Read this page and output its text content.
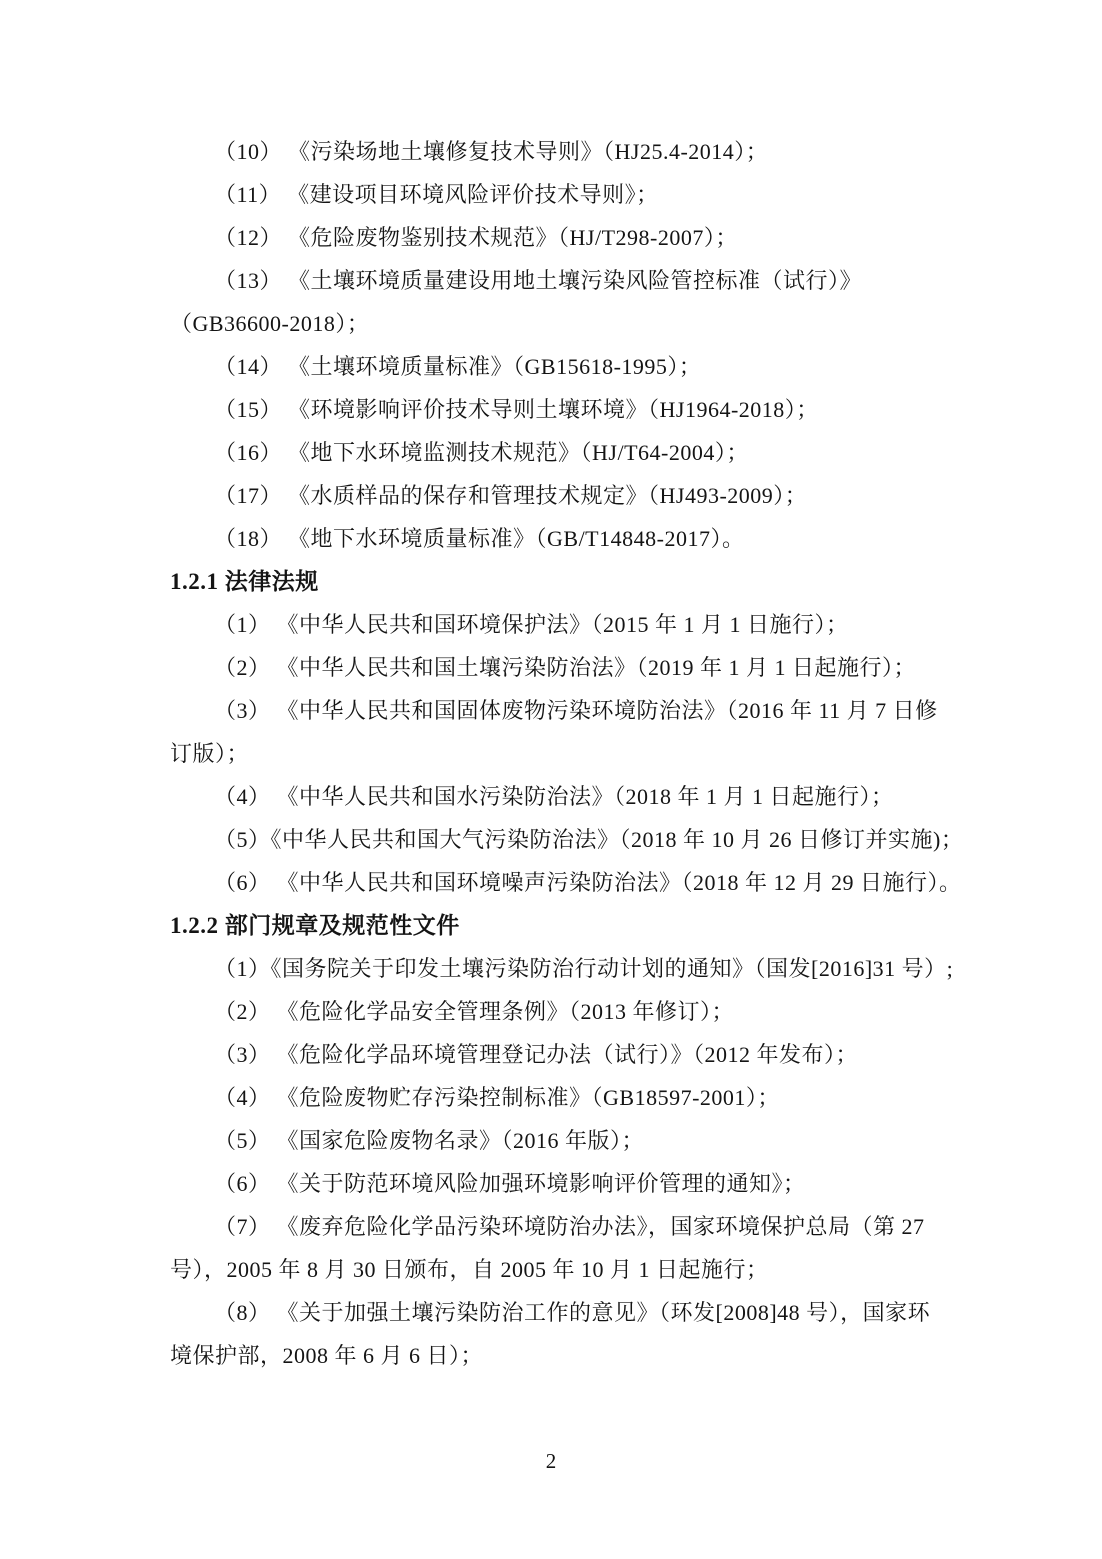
（10） 《污染场地土壤修复技术导则》（HJ25.4-2014）；
（11） 《建设项目环境风险评价技术导则》；
（12） 《危险废物鉴别技术规范》（HJ/T298-2007）；
（13） 《土壤环境质量建设用地土壤污染风险管控标准（试行）》
（GB36600-2018）；
（14） 《土壤环境质量标准》（GB15618-1995）；
（15） 《环境影响评价技术导则土壤环境》（HJ1964-2018）；
（16） 《地下水环境监测技术规范》（HJ/T64-2004）；
（17） 《水质样品的保存和管理技术规定》（HJ493-2009）；
（18） 《地下水环境质量标准》（GB/T14848-2017）。
1.2.1 法律法规
（1） 《中华人民共和国环境保护法》（2015 年 1 月 1 日施行）；
（2） 《中华人民共和国土壤污染防治法》（2019 年 1 月 1 日起施行）；
（3） 《中华人民共和国固体废物污染环境防治法》（2016 年 11 月 7 日修
订版）；
（4） 《中华人民共和国水污染防治法》（2018 年 1 月 1 日起施行）；
（5）《中华人民共和国大气污染防治法》（2018 年 10 月 26 日修订并实施)；
（6） 《中华人民共和国环境噪声污染防治法》（2018 年 12 月 29 日施行）。
1.2.2 部门规章及规范性文件
（1）《国务院关于印发土壤污染防治行动计划的通知》（国发[2016]31 号）;
（2） 《危险化学品安全管理条例》（2013 年修订）；
（3） 《危险化学品环境管理登记办法（试行）》（2012 年发布）；
（4） 《危险废物贮存污染控制标准》（GB18597-2001）；
（5） 《国家危险废物名录》（2016 年版）；
（6） 《关于防范环境风险加强环境影响评价管理的通知》；
（7） 《废弃危险化学品污染环境防治办法》，国家环境保护总局（第 27
号），2005 年 8 月 30 日颁布，自 2005 年 10 月 1 日起施行；
（8） 《关于加强土壤污染防治工作的意见》（环发[2008]48 号），国家环
境保护部，2008 年 6 月 6 日）；
2
